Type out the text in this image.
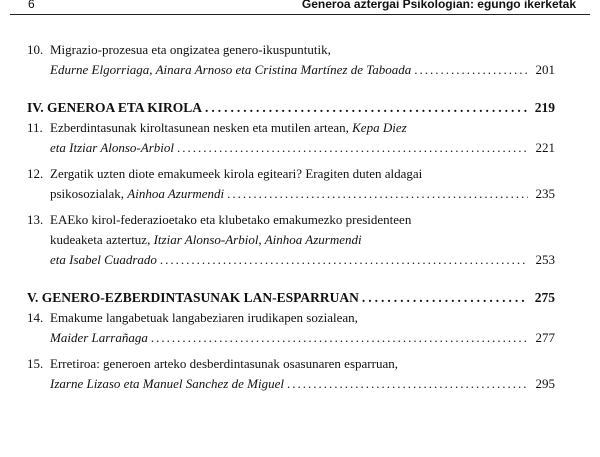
6	Generoa aztergai Psikologian: egungo ikerketak
10. Migrazio-prozesua eta ongizatea genero-ikuspuntutik,
Edurne Elgorriaga, Ainara Arnoso eta Cristina Martínez de Taboada .....	201
IV. GENEROA ETA KIROLA .....	219
11. Ezberdintasunak kiroltasunean nesken eta mutilen artean,
Kepa Diez
eta Itziar Alonso-Arbiol .....	221
12. Zergatik uzten diote emakumeek kirola egiteari? Eragiten duten aldagai
psikosozialak,
Ainhoa Azurmendi .....	235
13. EAEko kirol-federazioetako eta klubetako emakumezko presidenteen
kudeaketa aztertuz,
Itziar Alonso-Arbiol, Ainhoa Azurmendi
eta Isabel Cuadrado .....	253
V. GENERO-EZBERDINTASUNAK LAN-ESPARRUAN .....	275
14. Emakume langabetuak langabeziaren irudikapen sozialean,
Maider Larrañaga .....	277
15. Erretiroa: generoen arteko desberdintasunak osasunaren esparruan,
Izarne Lizaso eta Manuel Sanchez de Miguel .....	295
